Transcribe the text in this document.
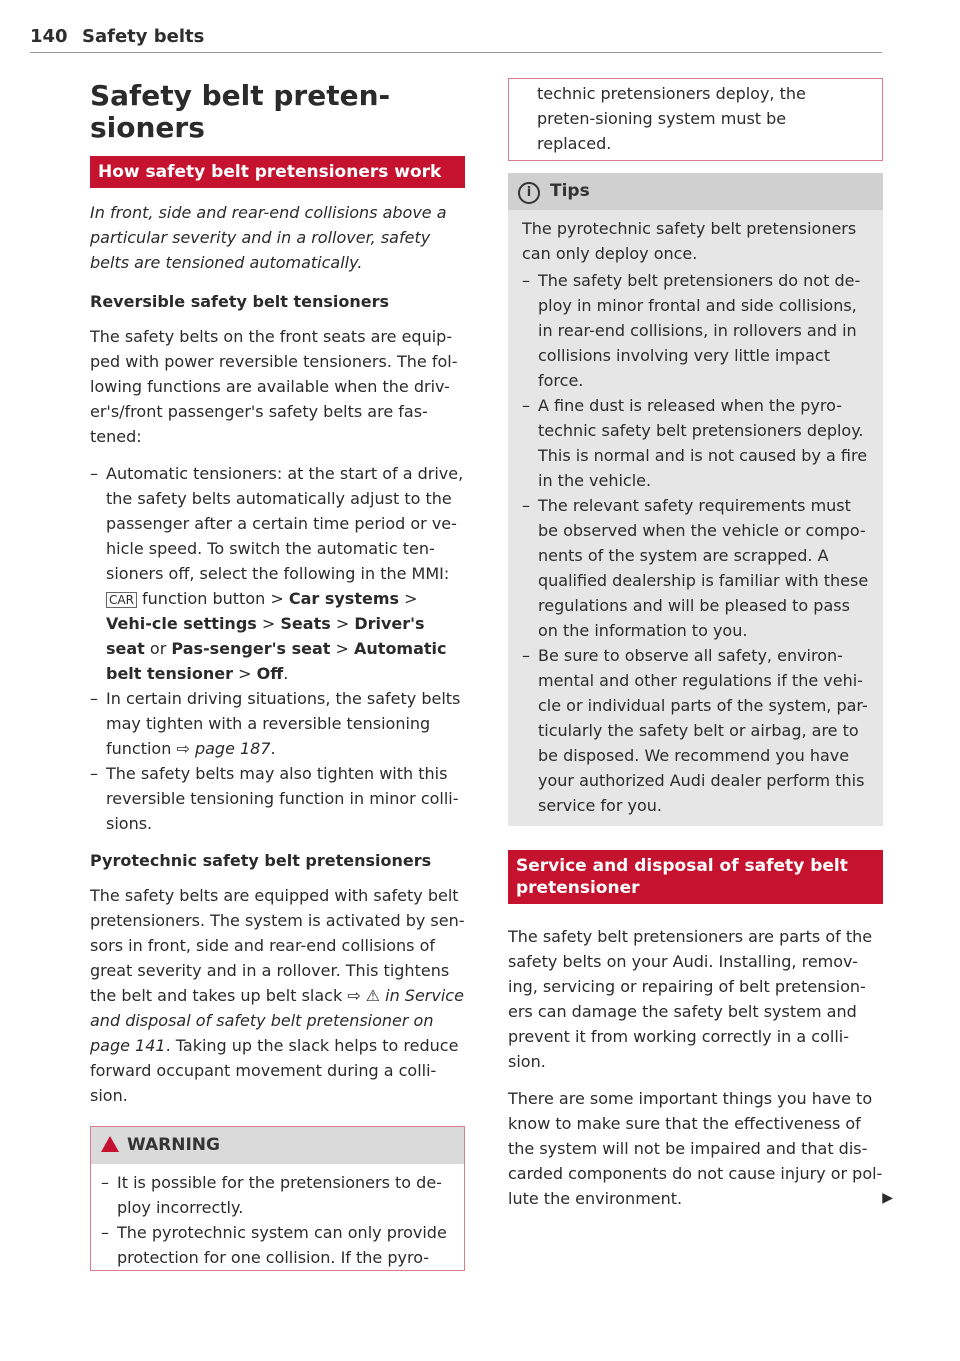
140 Safety belts
Safety belt preten-
sioners
How safety belt pretensioners work

In front, side and rear-end collisions above a particular severity and in a rollover, safety belts are tensioned automatically.

Reversible safety belt tensioners

The safety belts on the front seats are equip-ped with power reversible tensioners. The fol-lowing functions are available when the driv-er's/front passenger's safety belts are fas-tened:

– Automatic tensioners: at the start of a drive, the safety belts automatically adjust to the passenger after a certain time period or ve-hicle speed. To switch the automatic ten-sioners off, select the following in the MMI: CAR function button > Car systems > Vehi-cle settings > Seats > Driver's seat or Pas-senger's seat > Automatic belt tensioner > Off.
– In certain driving situations, the safety belts may tighten with a reversible tensioning function ⇨ page 187.
– The safety belts may also tighten with this reversible tensioning function in minor colli-sions.
Pyrotechnic safety belt pretensioners

The safety belts are equipped with safety belt pretensioners. The system is activated by sen-sors in front, side and rear-end collisions of great severity and in a rollover. This tightens the belt and takes up belt slack ⇨ ⚠ in Service and disposal of safety belt pretensioner on page 141. Taking up the slack helps to reduce forward occupant movement during a colli-sion.

WARNING
– It is possible for the pretensioners to de-ploy incorrectly.
– The pyrotechnic system can only provide protection for one collision. If the pyro-
technic pretensioners deploy, the preten-sioning system must be replaced.
i Tips

The pyrotechnic safety belt pretensioners can only deploy once.

– The safety belt pretensioners do not de-ploy in minor frontal and side collisions, in rear-end collisions, in rollovers and in collisions involving very little impact force.
– A fine dust is released when the pyro-technic safety belt pretensioners deploy. This is normal and is not caused by a fire in the vehicle.
– The relevant safety requirements must be observed when the vehicle or compo-nents of the system are scrapped. A qualified dealership is familiar with these regulations and will be pleased to pass on the information to you.
– Be sure to observe all safety, environ-mental and other regulations if the vehi-cle or individual parts of the system, par-ticularly the safety belt or airbag, are to be disposed. We recommend you have your authorized Audi dealer perform this service for you.
Service and disposal of safety belt pretensioner

The safety belt pretensioners are parts of the safety belts on your Audi. Installing, remov-ing, servicing or repairing of belt pretension-ers can damage the safety belt system and prevent it from working correctly in a colli-sion.

There are some important things you have to know to make sure that the effectiveness of the system will not be impaired and that dis-carded components do not cause injury or pol-lute the environment.	▶
